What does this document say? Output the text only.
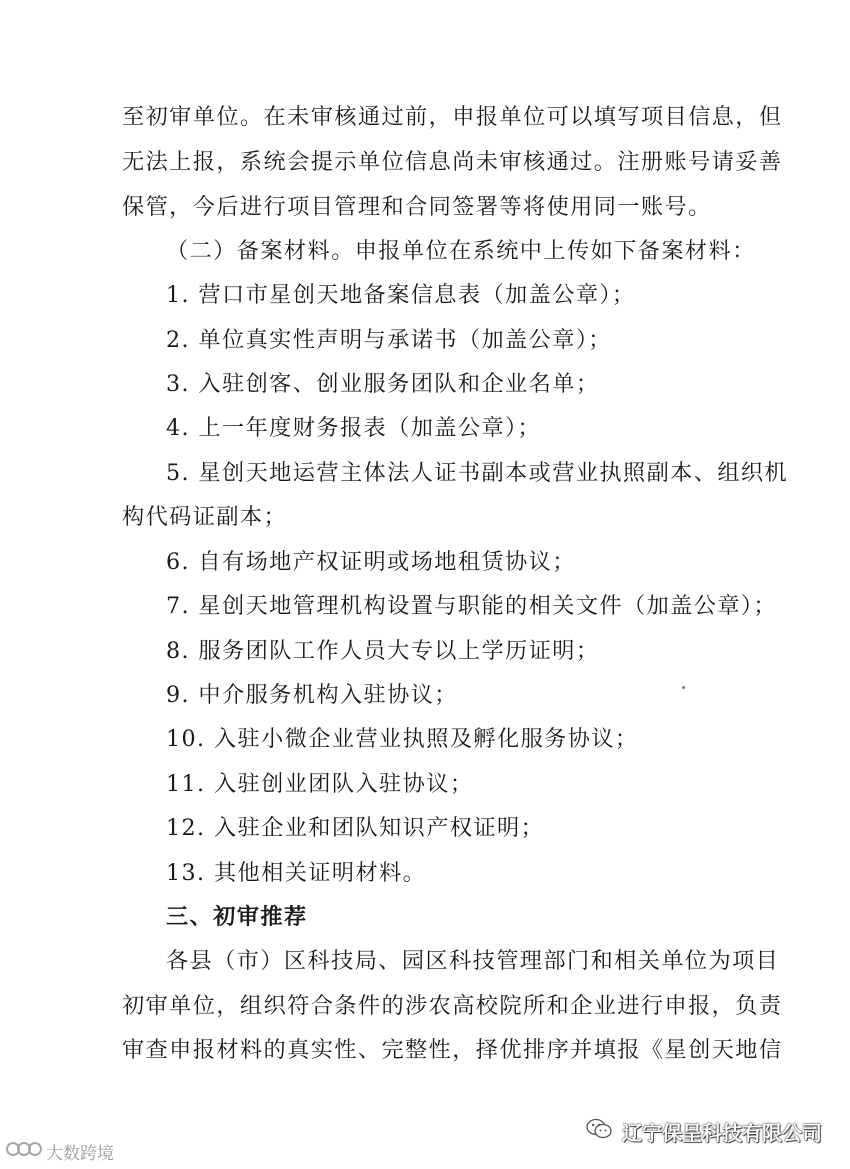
至初审单位。在未审核通过前，申报单位可以填写项目信息，但
无法上报，系统会提示单位信息尚未审核通过。注册账号请妥善
保管，今后进行项目管理和合同签署等将使用同一账号。
（二）备案材料。申报单位在系统中上传如下备案材料：
1. 营口市星创天地备案信息表（加盖公章）；
2. 单位真实性声明与承诺书（加盖公章）；
3. 入驻创客、创业服务团队和企业名单；
4. 上一年度财务报表（加盖公章）；
5. 星创天地运营主体法人证书副本或营业执照副本、组织机
构代码证副本；
6. 自有场地产权证明或场地租赁协议；
7. 星创天地管理机构设置与职能的相关文件（加盖公章）；
8. 服务团队工作人员大专以上学历证明；
9. 中介服务机构入驻协议；
10. 入驻小微企业营业执照及孵化服务协议；
11. 入驻创业团队入驻协议；
12. 入驻企业和团队知识产权证明；
13. 其他相关证明材料。
三、初审推荐
各县（市）区科技局、园区科技管理部门和相关单位为项目
初审单位，组织符合条件的涉农高校院所和企业进行申报，负责
审查申报材料的真实性、完整性，择优排序并填报《星创天地信
大数跨境
辽宁保呈科技有限公司
